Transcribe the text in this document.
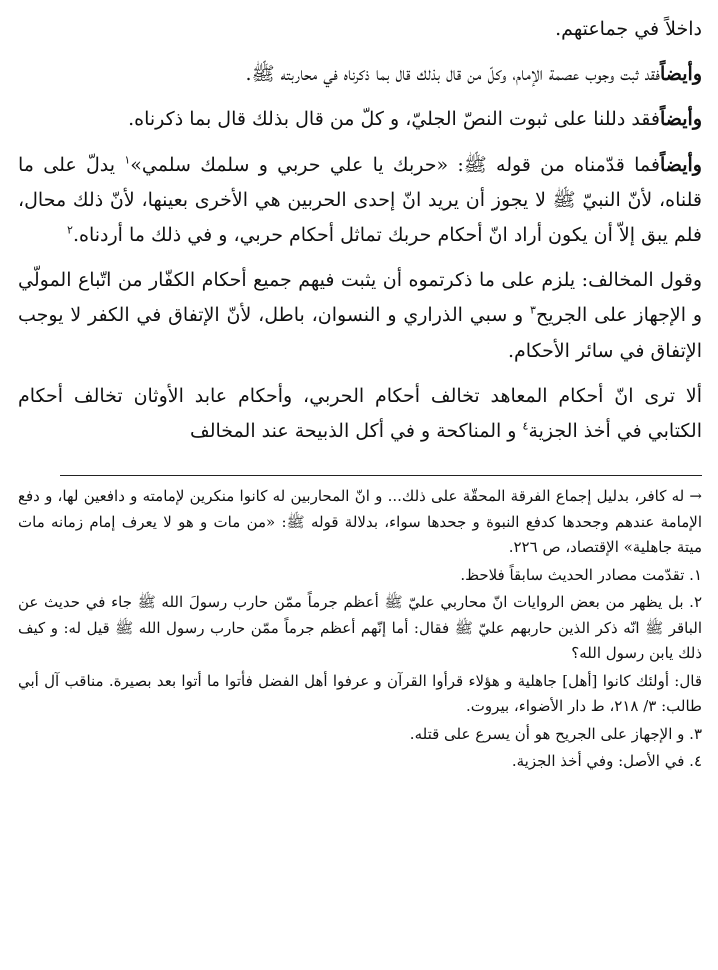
داخلاً في جماعتهم.

وأيضاًفقد ثبت وجوب عصمة الإمام، وكلّ من قال بذلك قال بما ذكرناه في محاربته ﷺ.

وأيضاًفقد دللنا على ثبوت النصّ الجليّ، و كلّ من قال بذلك قال بما ذكرناه.

وأيضاًفما قدّمناه من قوله ﷺ: «حربك يا علي حربي و سلمك سلمي»$^١$ يدلّ على ما قلناه، لأنّ النبيّ ﷺ لا يجوز أن يريد انّ إحدى الحربين هي الأخرى بعينها، لأنّ ذلك محال، فلم يبق إلاّ أن يكون أراد انّ أحكام حربك تماثل أحكام حربي، و في ذلك ما أردناه.$^٢$

وقول المخالف: يلزم على ما ذكرتموه أن يثبت فيهم جميع أحكام الكفّار من اتّباع المولّي و الإجهاز على الجريح$^٣$ و سبي الذراري و النسوان، باطل، لأنّ الإتفاق في الكفر لا يوجب الإتفاق في سائر الأحكام.

ألا ترى انّ أحكام المعاهد تخالف أحكام الحربي، وأحكام عابد الأوثان تخالف أحكام الكتابي في أخذ الجزية$^٤$ و المناكحة و في أكل الذبيحة عند المخالف

→ له كافر، بدليل إجماع الفرقة المحقّة على ذلك... و انّ المحاربين له كانوا منكرين لإمامته و دافعين لها، و دفع الإمامة عندهم وجحدها كدفع النبوة و جحدها سواء، بدلالة قوله ﷺ: «من مات و هو لا يعرف إمام زمانه مات ميتة جاهلية» الإقتصاد، ص ٢٢٦.

١. تقدّمت مصادر الحديث سابقاً فلاحظ.

٢. بل يظهر من بعض الروايات انّ محاربي عليّ ﷺ أعظم جرماً ممّن حارب رسولَ الله ﷺ جاء في حديث عن الباقر ﷺ انّه ذكر الذين حاربهم عليّ ﷺ فقال: أما إنّهم أعظم جرماً ممّن حارب رسول الله ﷺ قيل له: و كيف ذلك يابن رسول الله؟

قال: أولئك كانوا [أهل] جاهلية و هؤلاء قرأوا القرآن و عرفوا أهل الفضل فأتوا ما أتوا بعد بصيرة. مناقب آل أبي طالب: ٣/ ٢١٨، ط دار الأضواء، بيروت.

٣. و الإجهاز على الجريح هو أن يسرع على قتله.

٤. في الأصل: وفي أخذ الجزية.
